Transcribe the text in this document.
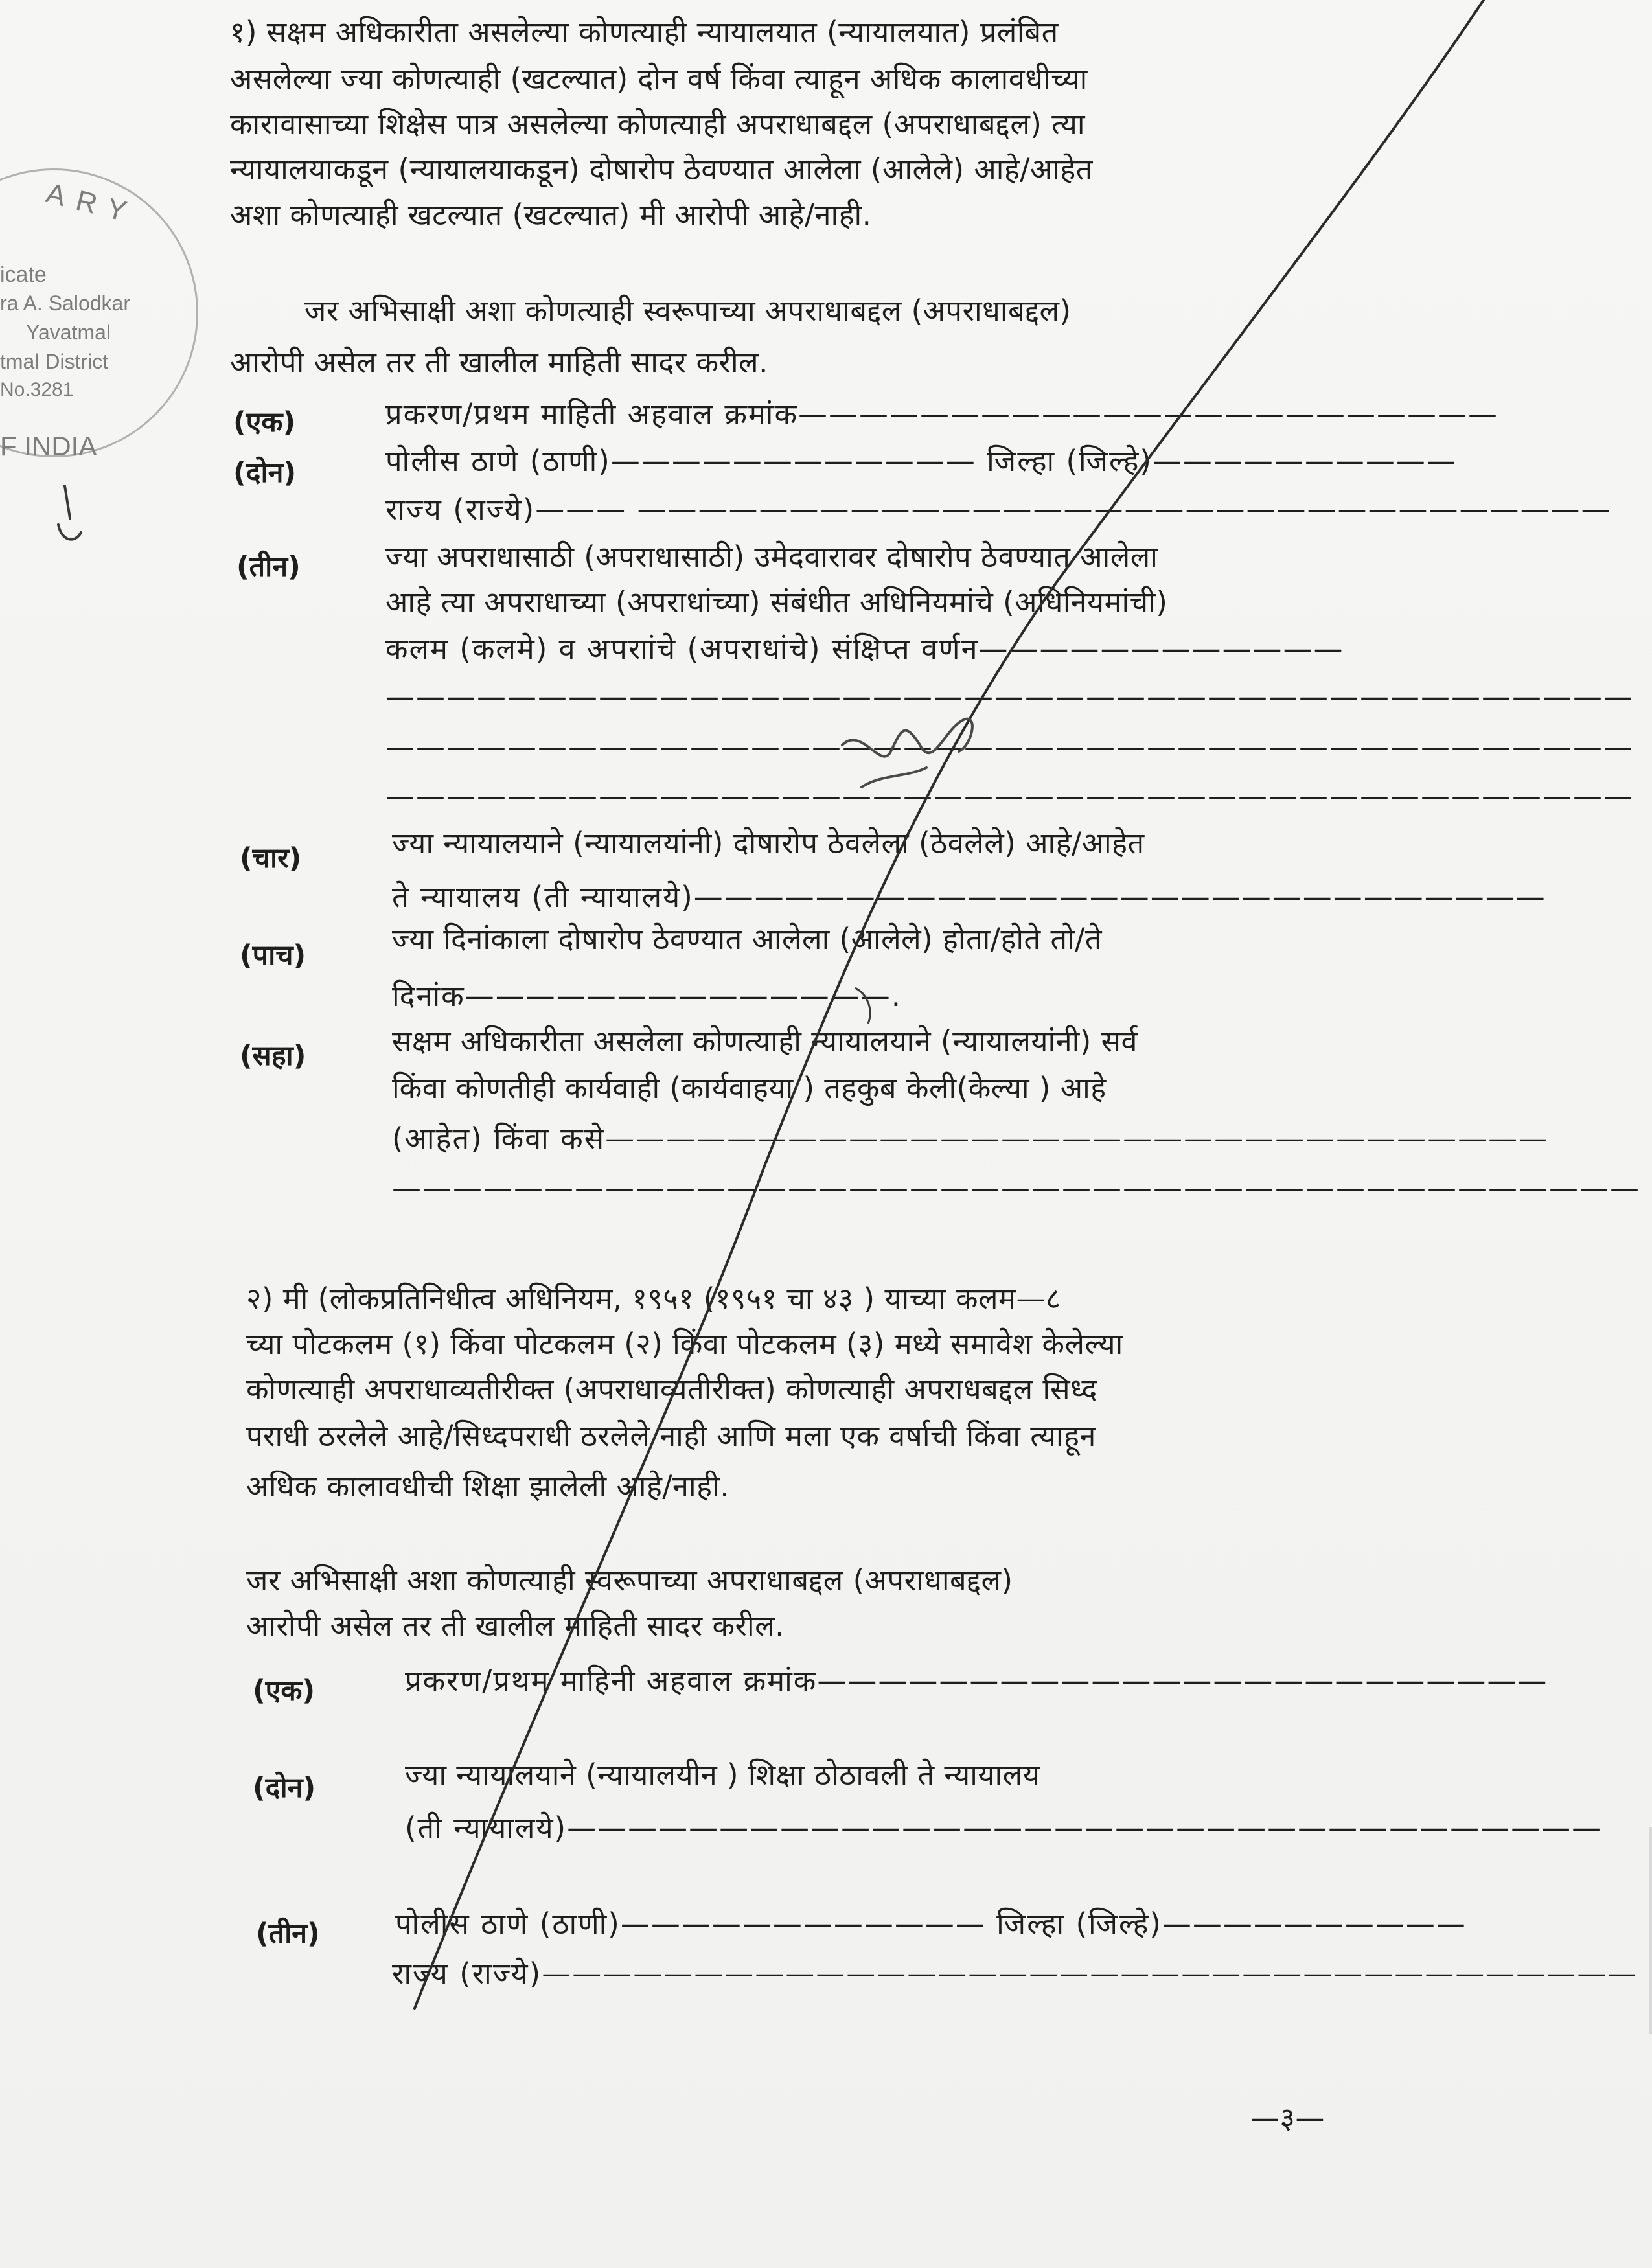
ARY
icate
ra A. Salodkar
Yavatmal
tmal District
No.3281
F INDIA
१) सक्षम अधिकारीता असलेल्या कोणत्याही न्यायालयात (न्यायालयात) प्रलंबित
असलेल्या ज्या कोणत्याही (खटल्यात) दोन वर्ष किंवा त्याहून अधिक कालावधीच्या
कारावासाच्या शिक्षेस पात्र असलेल्या कोणत्याही अपराधाबद्दल (अपराधाबद्दल) त्या
न्यायालयाकडून (न्यायालयाकडून) दोषारोप ठेवण्यात आलेला (आलेले) आहे/आहेत
अशा कोणत्याही खटल्यात (खटल्यात) मी आरोपी आहे/नाही.
जर अभिसाक्षी अशा कोणत्याही स्वरूपाच्या अपराधाबद्दल (अपराधाबद्दल)
आरोपी असेल तर ती खालील माहिती सादर करील.
(एक)	प्रकरण/प्रथम माहिती अहवाल क्रमांक———————————————————————
(दोन)	पोलीस ठाणे (ठाणी)———————————— जिल्हा (जिल्हे)——————————
राज्य (राज्ये)——— ————————————————————————————————
(तीन)	ज्या अपराधासाठी (अपराधासाठी) उमेदवारावर दोषारोप ठेवण्यात आलेला
आहे त्या अपराधाच्या (अपराधांच्या) संबंधीत अधिनियमांचे (अधिनियमांची)
कलम (कलमे) व अपराांचे (अपराधांचे) संक्षिप्त वर्णन————————————
—————————————————————————————————————————
—————————————————————————————————————————
—————————————————————————————————————————
(चार)	ज्या न्यायालयाने (न्यायालयांनी) दोषारोप ठेवलेला (ठेवलेले) आहे/आहेत
ते न्यायालय (ती न्यायालये)————————————————————————————
(पाच)	ज्या दिनांकाला दोषारोप ठेवण्यात आलेला (आलेले) होता/होते तो/ते
दिनांक——————————————.
(सहा)	सक्षम अधिकारीता असलेला कोणत्याही न्यायालयाने (न्यायालयांनी) सर्व
किंवा कोणतीही कार्यवाही (कार्यवाहया ) तहकुब केली(केल्या ) आहे
(आहेत) किंवा कसे———————————————————————————————
—————————————————————————————————————————
२) मी (लोकप्रतिनिधीत्व अधिनियम, १९५१ (१९५१ चा ४३ ) याच्या कलम—८
च्या पोटकलम (१) किंवा पोटकलम (२) किंवा पोटकलम (३) मध्ये समावेश केलेल्या
कोणत्याही अपराधाव्यतीरीक्त (अपराधाव्यतीरीक्त) कोणत्याही अपराधबद्दल सिध्द
पराधी ठरलेले आहे/सिध्दपराधी ठरलेले नाही आणि मला एक वर्षाची किंवा त्याहून
अधिक कालावधीची शिक्षा झालेली आहे/नाही.
जर अभिसाक्षी अशा कोणत्याही स्वरूपाच्या अपराधाबद्दल (अपराधाबद्दल)
आरोपी असेल तर ती खालील माहिती सादर करील.
(एक)	प्रकरण/प्रथम माहिनी अहवाल क्रमांक————————————————————————
(दोन)	ज्या न्यायालयाने (न्यायालयीन ) शिक्षा ठोठावली ते न्यायालय
(ती न्यायालये)——————————————————————————————————
(तीन)	पोलीस ठाणे (ठाणी)———————————— जिल्हा (जिल्हे)——————————
राज्य (राज्ये)————————————————————————————————————
—३—
